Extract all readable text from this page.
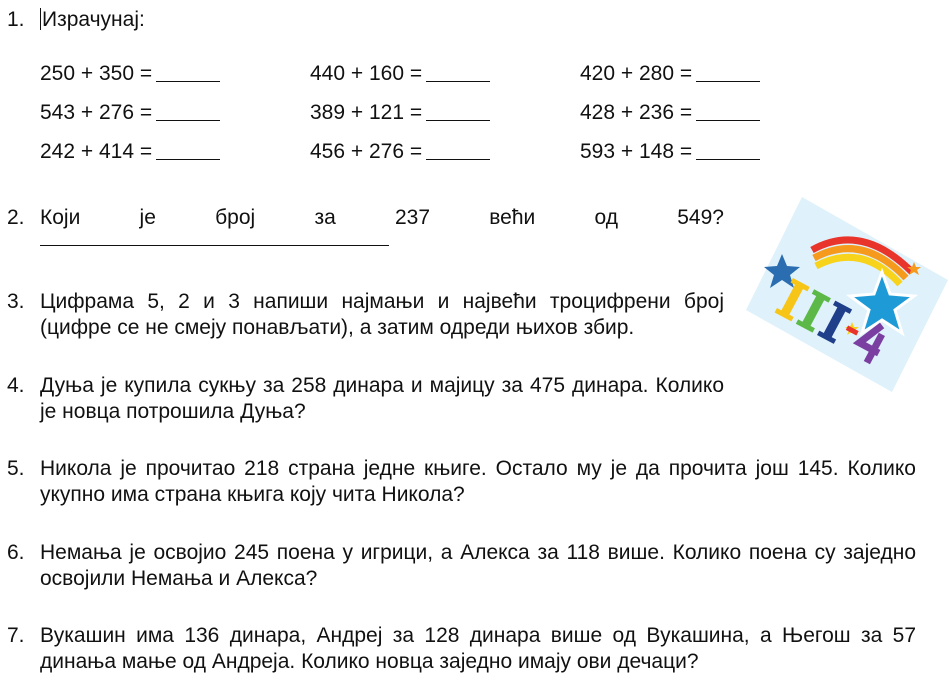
1. Израчунај:
250 + 350 =	440 + 160 =	420 + 280 =
543 + 276 =	389 + 121 =	428 + 236 =
242 + 414 =	456 + 276 =	593 + 148 =
2. Који	је	број	за	237	већи	од	549?
3. Цифрама 5, 2 и 3 напиши најмањи и највећи троцифрени број (цифре се не смеју понављати), а затим одреди њихов збир.
4. Дуња је купила сукњу за 258 динара и мајицу за 475 динара. Колико је новца потрошила Дуња?
5. Никола је прочитао 218 страна једне књиге. Остало му је да прочита још 145. Колико укупно има страна књига коју чита Никола?
6. Немања је освојио 245 поена у игрици, а Алекса за 118 више. Колико поена су заједно освојили Немања и Алекса?
7. Вукашин има 136 динара, Андреј за 128 динара више од Вукашина, а Његош за 57 динања мање од Андреја. Колико новца заједно имају ови дечаци?
